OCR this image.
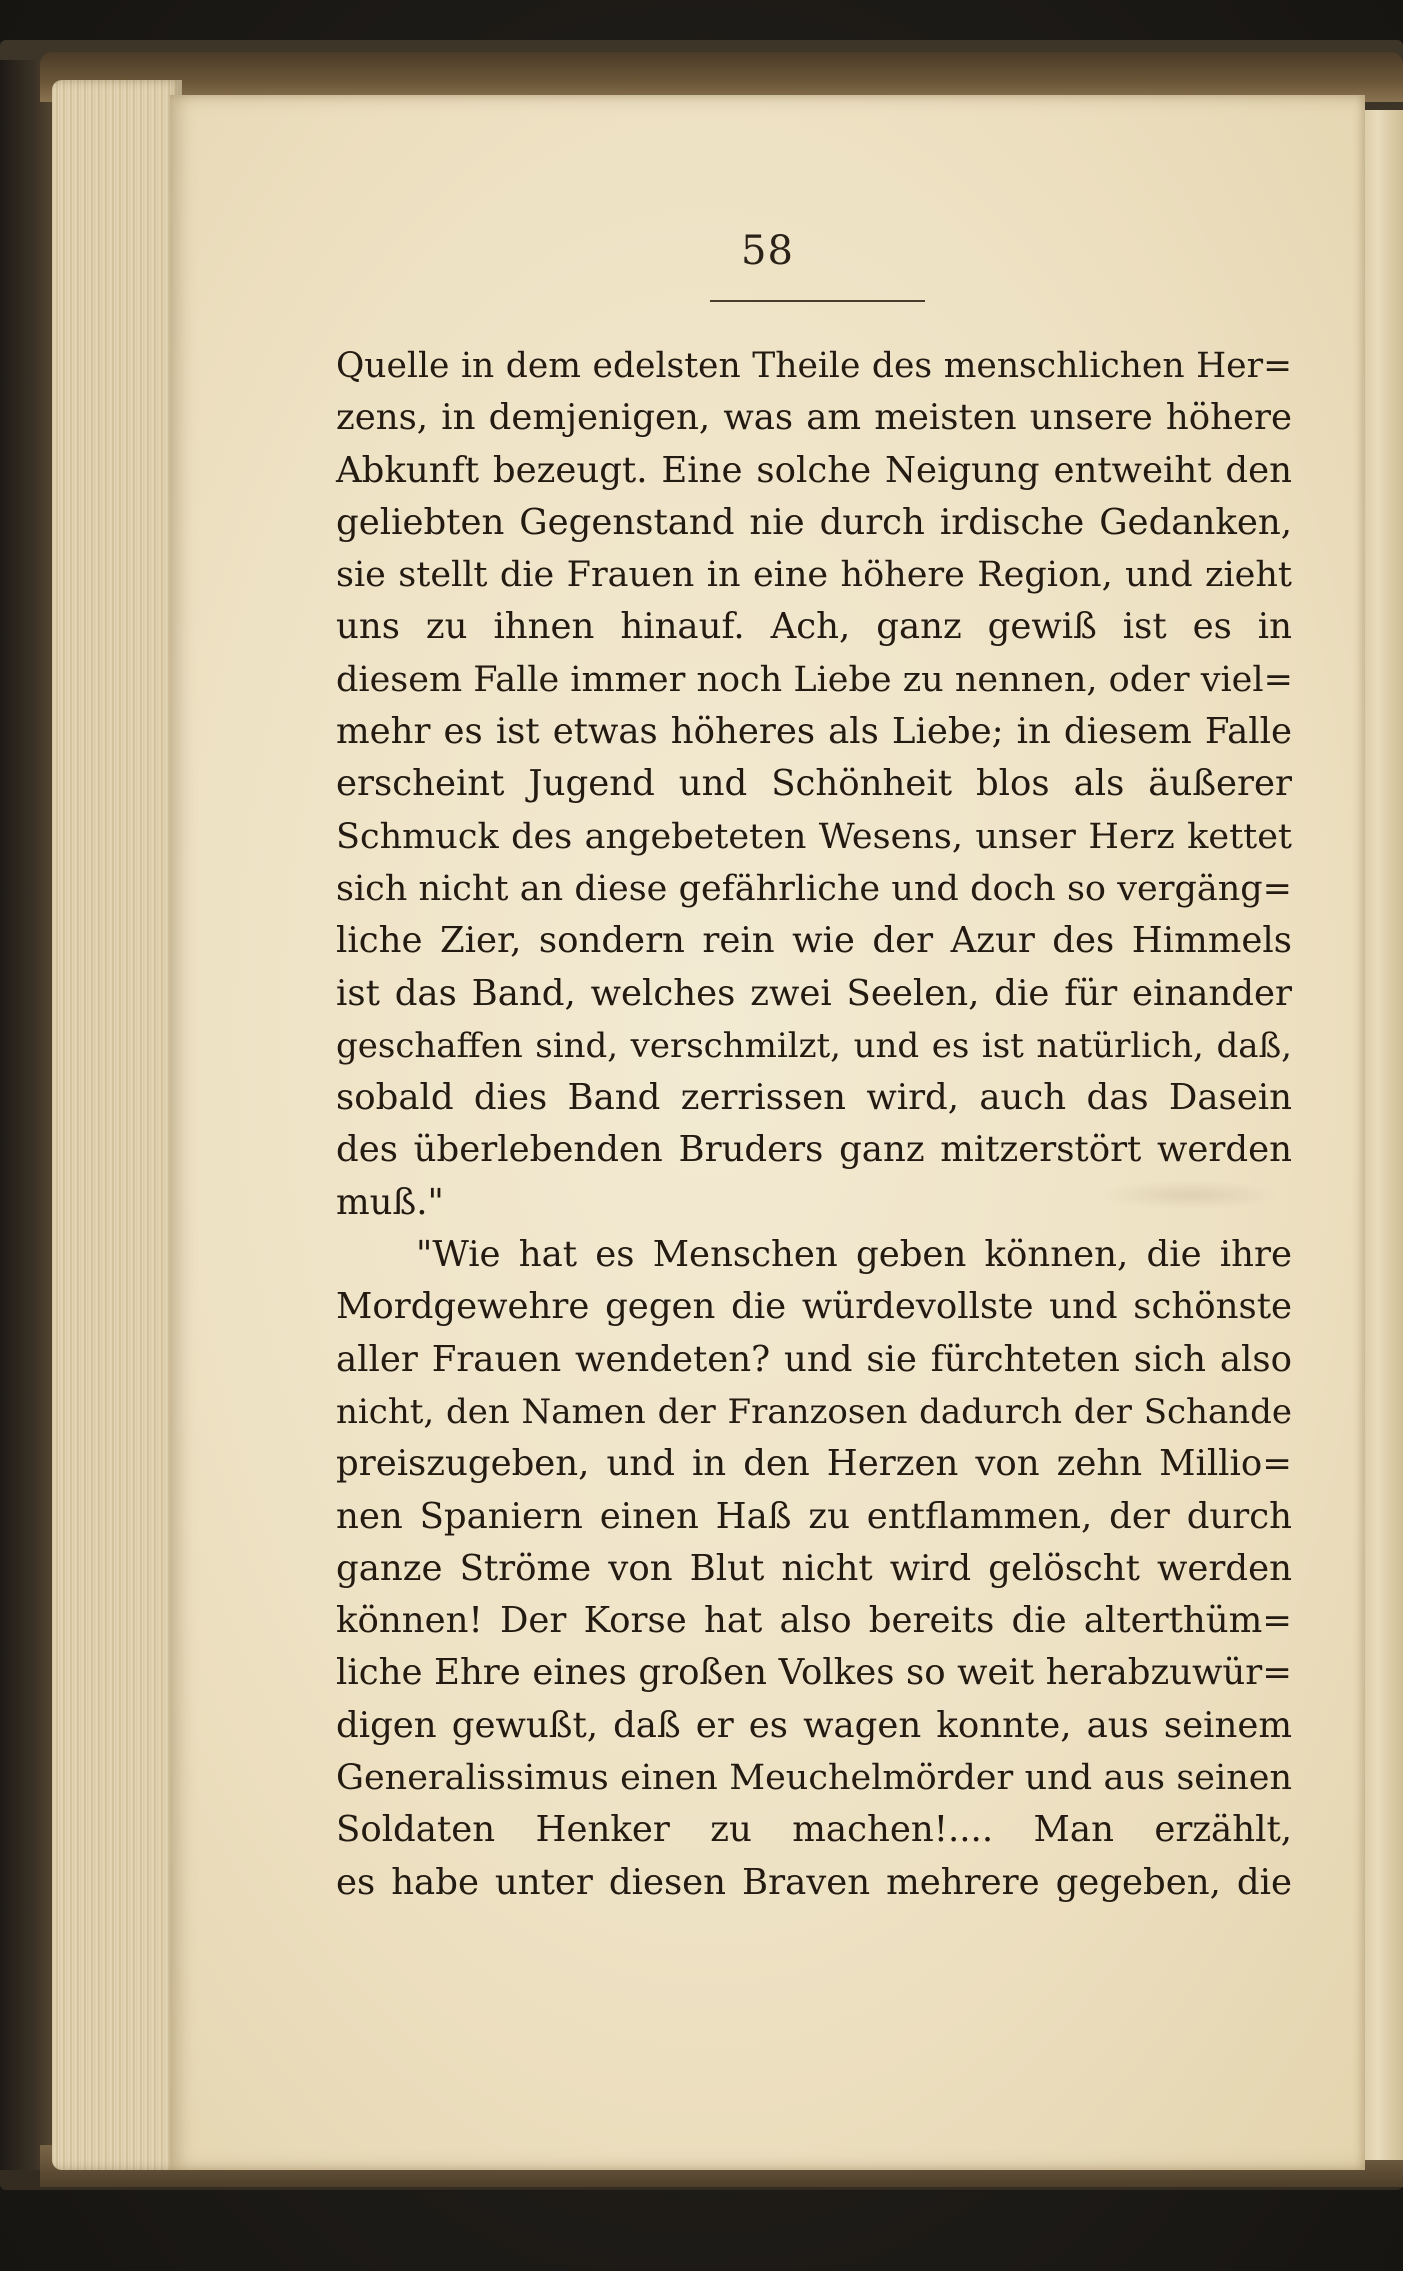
58
Quelle in dem edelsten Theile des menschlichen Her=
zens, in demjenigen, was am meisten unsere höhere
Abkunft bezeugt. Eine solche Neigung entweiht den
geliebten Gegenstand nie durch irdische Gedanken,
sie stellt die Frauen in eine höhere Region, und zieht
uns zu ihnen hinauf. Ach, ganz gewiß ist es in
diesem Falle immer noch Liebe zu nennen, oder viel=
mehr es ist etwas höheres als Liebe; in diesem Falle
erscheint Jugend und Schönheit blos als äußerer
Schmuck des angebeteten Wesens, unser Herz kettet
sich nicht an diese gefährliche und doch so vergäng=
liche Zier, sondern rein wie der Azur des Himmels
ist das Band, welches zwei Seelen, die für einander
geschaffen sind, verschmilzt, und es ist natürlich, daß,
sobald dies Band zerrissen wird, auch das Dasein
des überlebenden Bruders ganz mitzerstört werden
muß."
"Wie hat es Menschen geben können, die ihre
Mordgewehre gegen die würdevollste und schönste
aller Frauen wendeten? und sie fürchteten sich also
nicht, den Namen der Franzosen dadurch der Schande
preiszugeben, und in den Herzen von zehn Millio=
nen Spaniern einen Haß zu entflammen, der durch
ganze Ströme von Blut nicht wird gelöscht werden
können! Der Korse hat also bereits die alterthüm=
liche Ehre eines großen Volkes so weit herabzuwür=
digen gewußt, daß er es wagen konnte, aus seinem
Generalissimus einen Meuchelmörder und aus seinen
Soldaten Henker zu machen!.... Man erzählt,
es habe unter diesen Braven mehrere gegeben, die
